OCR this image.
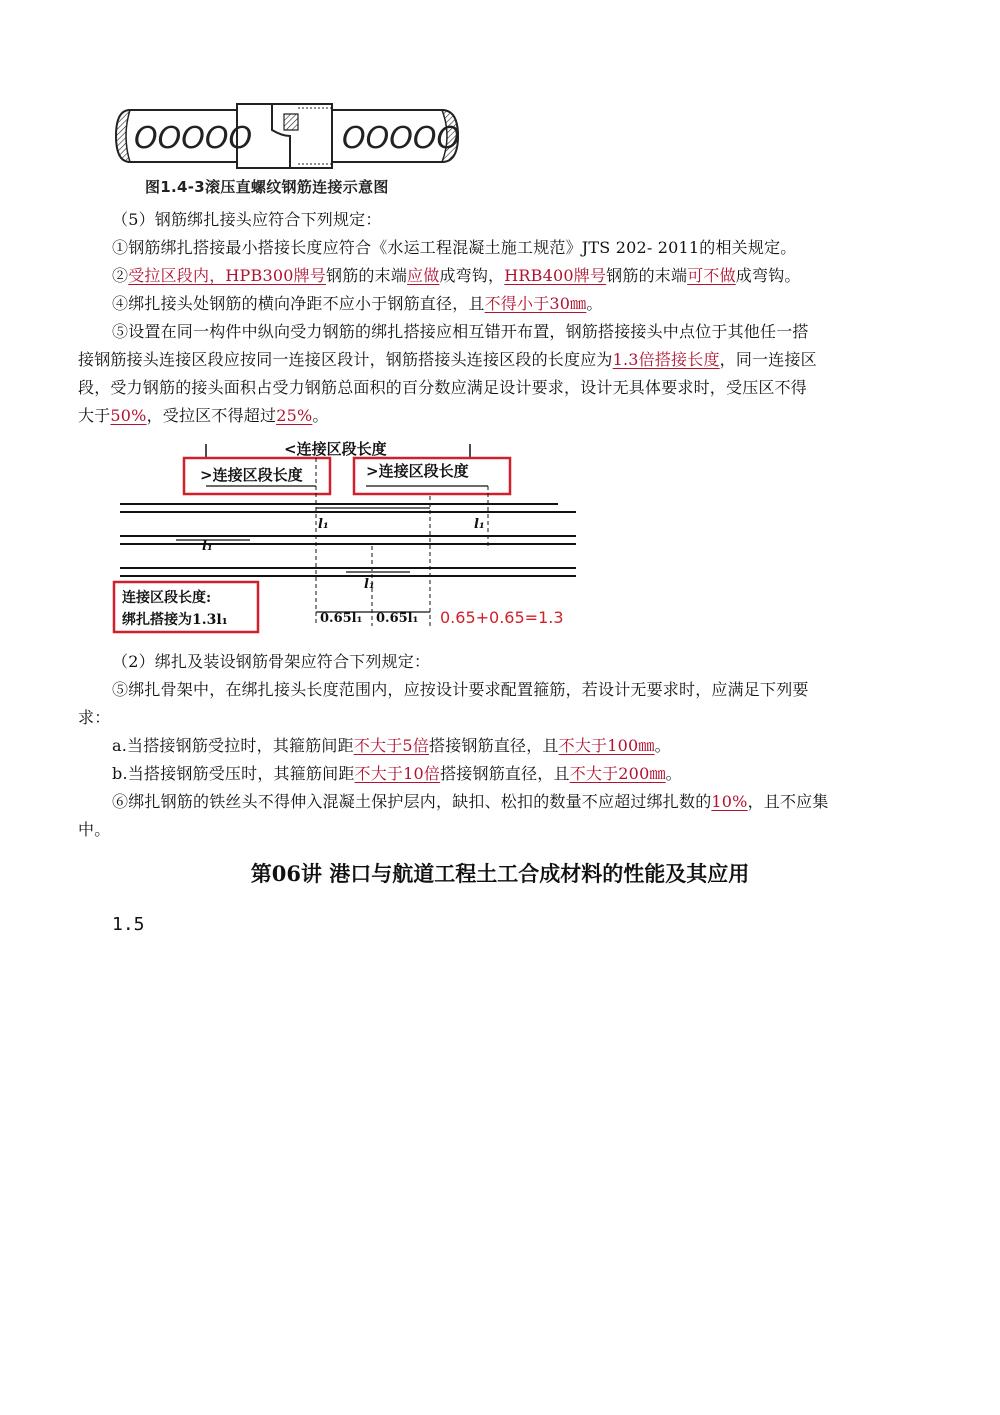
OOOOO	OOOOO
图1.4-3滚压直螺纹钢筋连接示意图
（5）钢筋绑扎接头应符合下列规定：
①钢筋绑扎搭接最小搭接长度应符合《水运工程混凝土施工规范》JTS 202- 2011的相关规定。
②受拉区段内，HPB300牌号钢筋的末端应做成弯钩，HRB400牌号钢筋的末端可不做成弯钩。
④绑扎接头处钢筋的横向净距不应小于钢筋直径，且不得小于30㎜。
⑤设置在同一构件中纵向受力钢筋的绑扎搭接应相互错开布置，钢筋搭接接头中点位于其他任一搭
接钢筋接头连接区段应按同一连接区段计，钢筋搭接头连接区段的长度应为1.3倍搭接长度，同一连接区
段，受力钢筋的接头面积占受力钢筋总面积的百分数应满足设计要求，设计无具体要求时，受压区不得
大于50%，受拉区不得超过25%。
<连接区段长度
>连接区段长度	>连接区段长度
l₁	l₁
l₁
l₁
连接区段长度:
绑扎搭接为1.3l₁	0.65l₁ 0.65l₁ 0.65+0.65=1.3
（2）绑扎及装设钢筋骨架应符合下列规定：
⑤绑扎骨架中，在绑扎接头长度范围内，应按设计要求配置箍筋，若设计无要求时，应满足下列要
求：
a.当搭接钢筋受拉时，其箍筋间距不大于5倍搭接钢筋直径，且不大于100㎜。
b.当搭接钢筋受压时，其箍筋间距不大于10倍搭接钢筋直径，且不大于200㎜。
⑥绑扎钢筋的铁丝头不得伸入混凝土保护层内，缺扣、松扣的数量不应超过绑扎数的10%，且不应集
中。
第06讲 港口与航道工程土工合成材料的性能及其应用
1.5
